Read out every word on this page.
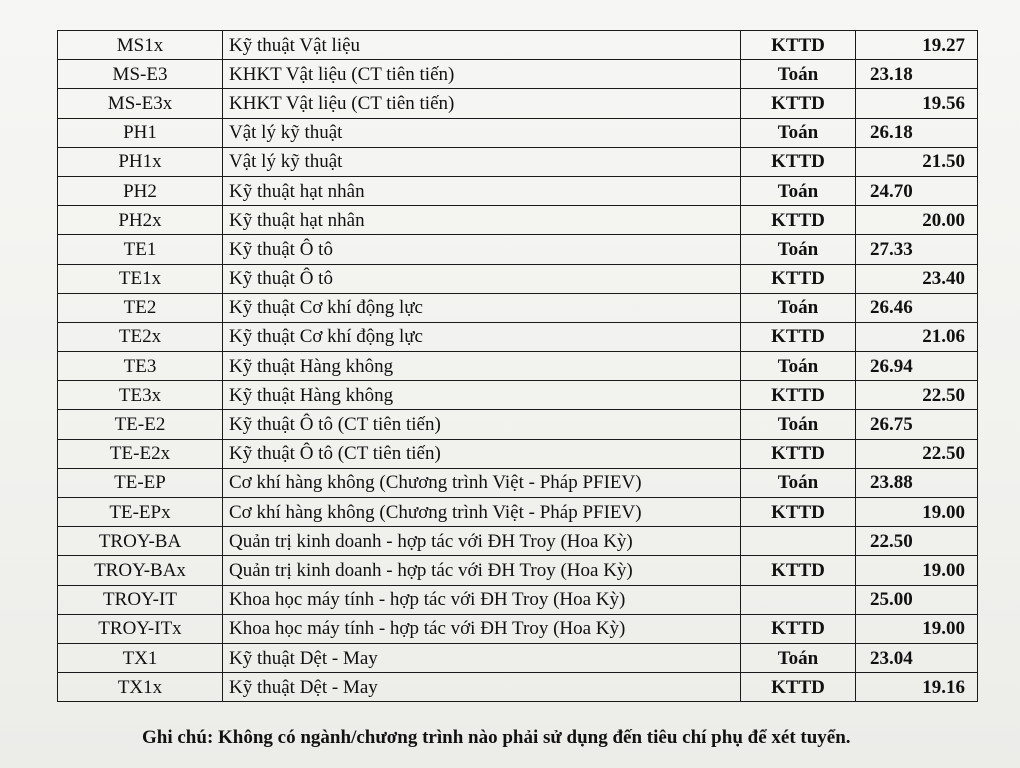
MS1x	Kỹ thuật Vật liệu	KTTD	19.27
MS-E3	KHKT Vật liệu (CT tiên tiến)	Toán	23.18
MS-E3x	KHKT Vật liệu (CT tiên tiến)	KTTD	19.56
PH1	Vật lý kỹ thuật	Toán	26.18
PH1x	Vật lý kỹ thuật	KTTD	21.50
PH2	Kỹ thuật hạt nhân	Toán	24.70
PH2x	Kỹ thuật hạt nhân	KTTD	20.00
TE1	Kỹ thuật Ô tô	Toán	27.33
TE1x	Kỹ thuật Ô tô	KTTD	23.40
TE2	Kỹ thuật Cơ khí động lực	Toán	26.46
TE2x	Kỹ thuật Cơ khí động lực	KTTD	21.06
TE3	Kỹ thuật Hàng không	Toán	26.94
TE3x	Kỹ thuật Hàng không	KTTD	22.50
TE-E2	Kỹ thuật Ô tô (CT tiên tiến)	Toán	26.75
TE-E2x	Kỹ thuật Ô tô (CT tiên tiến)	KTTD	22.50
TE-EP	Cơ khí hàng không (Chương trình Việt - Pháp PFIEV)	Toán	23.88
TE-EPx	Cơ khí hàng không (Chương trình Việt - Pháp PFIEV)	KTTD	19.00
TROY-BA	Quản trị kinh doanh - hợp tác với ĐH Troy (Hoa Kỳ)		22.50
TROY-BAx	Quản trị kinh doanh - hợp tác với ĐH Troy (Hoa Kỳ)	KTTD	19.00
TROY-IT	Khoa học máy tính - hợp tác với ĐH Troy (Hoa Kỳ)		25.00
TROY-ITx	Khoa học máy tính - hợp tác với ĐH Troy (Hoa Kỳ)	KTTD	19.00
TX1	Kỹ thuật Dệt - May	Toán	23.04
TX1x	Kỹ thuật Dệt - May	KTTD	19.16
Ghi chú: Không có ngành/chương trình nào phải sử dụng đến tiêu chí phụ để xét tuyển.
